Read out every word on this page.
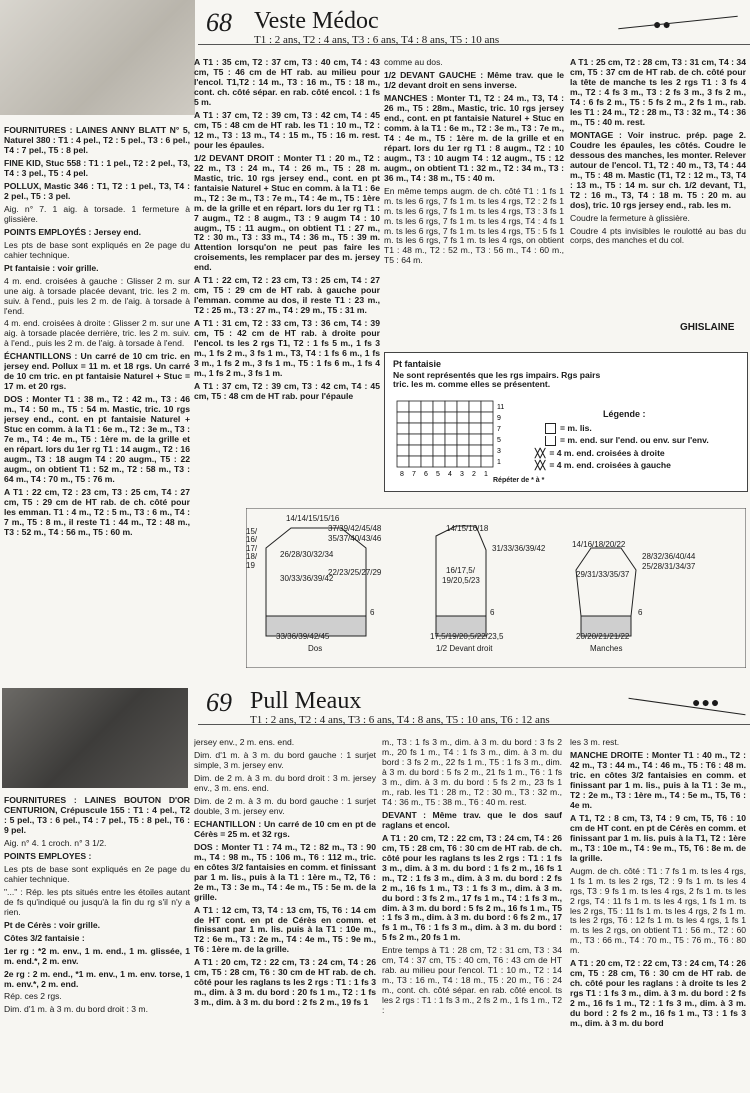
68 Veste Médoc
T1 : 2 ans, T2 : 4 ans, T3 : 6 ans, T4 : 8 ans, T5 : 10 ans
●●

FOURNITURES : LAINES ANNY BLATT N° 5, Naturel 380 : T1 : 4 pel., T2 : 5 pel., T3 : 6 pel., T4 : 7 pel., T5 : 8 pel.

FINE KID, Stuc 558 : T1 : 1 pel., T2 : 2 pel., T3, T4 : 3 pel., T5 : 4 pel.

POLLUX, Mastic 346 : T1, T2 : 1 pel., T3, T4 : 2 pel., T5 : 3 pel.

Aig. n° 7. 1 aig. à torsade. 1 fermeture à glissière.

POINTS EMPLOYÉS : Jersey end.

Les pts de base sont expliqués en 2e page du cahier technique.

Pt fantaisie : voir grille.

4 m. end. croisées à gauche : Glisser 2 m. sur une aig. à torsade placée devant, tric. les 2 m. suiv. à l'end., puis les 2 m. de l'aig. à torsade à l'end.

4 m. end. croisées à droite : Glisser 2 m. sur une aig. à torsade placée derrière, tric. les 2 m. suiv. à l'end., puis les 2 m. de l'aig. à torsade à l'end.

ÉCHANTILLONS : Un carré de 10 cm tric. en jersey end. Pollux = 11 m. et 18 rgs. Un carré de 10 cm tric. en pt fantaisie Naturel + Stuc = 17 m. et 20 rgs.

DOS : Monter T1 : 38 m., T2 : 42 m., T3 : 46 m., T4 : 50 m., T5 : 54 m. Mastic, tric. 10 rgs jersey end., cont. en pt fantaisie Naturel + Stuc en comm. à la T1 : 6e m., T2 : 3e m., T3 : 7e m., T4 : 4e m., T5 : 1ère m. de la grille et en répart. lors du 1er rg T1 : 14 augm., T2 : 16 augm., T3 : 18 augm T4 : 20 augm., T5 : 22 augm., on obtient T1 : 52 m., T2 : 58 m., T3 : 64 m., T4 : 70 m., T5 : 76 m.

A T1 : 22 cm, T2 : 23 cm, T3 : 25 cm, T4 : 27 cm, T5 : 29 cm de HT rab. de ch. côté pour les emman. T1 : 4 m., T2 : 5 m., T3 : 6 m., T4 : 7 m., T5 : 8 m., il reste T1 : 44 m., T2 : 48 m., T3 : 52 m., T4 : 56 m., T5 : 60 m.

A T1 : 35 cm, T2 : 37 cm, T3 : 40 cm, T4 : 43 cm, T5 : 46 cm de HT rab. au milieu pour l'encol. T1,T2 : 14 m., T3 : 16 m., T5 : 18 m., cont. ch. côté sépar. en rab. côté encol. : 1 fs 5 m.

A T1 : 37 cm, T2 : 39 cm, T3 : 42 cm, T4 : 45 cm, T5 : 48 cm de HT rab. les T1 : 10 m., T2 : 12 m., T3 : 13 m., T4 : 15 m., T5 : 16 m. rest. pour les épaules.

1/2 DEVANT DROIT : Monter T1 : 20 m., T2 : 22 m., T3 : 24 m., T4 : 26 m., T5 : 28 m. Mastic, tric. 10 rgs jersey end., cont. en pt fantaisie Naturel + Stuc en comm. à la T1 : 6e m., T2 : 3e m., T3 : 7e m., T4 : 4e m., T5 : 1ère m. de la grille et en répart. lors du 1er rg T1 : 7 augm., T2 : 8 augm., T3 : 9 augm T4 : 10 augm., T5 : 11 augm., on obtient T1 : 27 m., T2 : 30 m., T3 : 33 m., T4 : 36 m., T5 : 39 m. Attention lorsqu'on ne peut pas faire les croisements, les remplacer par des m. jersey end.

A T1 : 22 cm, T2 : 23 cm, T3 : 25 cm, T4 : 27 cm, T5 : 29 cm de HT rab. à gauche pour l'emman. comme au dos, il reste T1 : 23 m., T2 : 25 m., T3 : 27 m., T4 : 29 m., T5 : 31 m.

A T1 : 31 cm, T2 : 33 cm, T3 : 36 cm, T4 : 39 cm, T5 : 42 cm de HT rab. à droite pour l'encol. ts les 2 rgs T1, T2 : 1 fs 5 m., 1 fs 3 m., 1 fs 2 m., 3 fs 1 m., T3, T4 : 1 fs 6 m., 1 fs 3 m., 1 fs 2 m., 3 fs 1 m., T5 : 1 fs 6 m., 1 fs 4 m., 1 fs 2 m., 3 fs 1 m.

A T1 : 37 cm, T2 : 39 cm, T3 : 42 cm, T4 : 45 cm, T5 : 48 cm de HT rab. pour l'épaule

comme au dos.

1/2 DEVANT GAUCHE : Même trav. que le 1/2 devant droit en sens inverse.

MANCHES : Monter T1, T2 : 24 m., T3, T4 : 26 m., T5 : 28m., Mastic, tric. 10 rgs jersey end., cont. en pt fantaisie Naturel + Stuc en comm. à la T1 : 6e m., T2 : 3e m., T3 : 7e m., T4 : 4e m., T5 : 1ère m. de la grille et en répart. lors du 1er rg T1 : 8 augm., T2 : 10 augm., T3 : 10 augm T4 : 12 augm., T5 : 12 augm., on obtient T1 : 32 m., T2 : 34 m., T3 : 36 m., T4 : 38 m., T5 : 40 m.

En même temps augm. de ch. côté T1 : 1 fs 1 m. ts les 6 rgs, 7 fs 1 m. ts les 4 rgs, T2 : 2 fs 1 m. ts les 6 rgs, 7 fs 1 m. ts les 4 rgs, T3 : 3 fs 1 m. ts les 6 rgs, 7 fs 1 m. ts les 4 rgs, T4 : 4 fs 1 m. ts les 6 rgs, 7 fs 1 m. ts les 4 rgs, T5 : 5 fs 1 m. ts les 6 rgs, 7 fs 1 m. ts les 4 rgs, on obtient T1 : 48 m., T2 : 52 m., T3 : 56 m., T4 : 60 m., T5 : 64 m.

A T1 : 25 cm, T2 : 28 cm, T3 : 31 cm, T4 : 34 cm, T5 : 37 cm de HT rab. de ch. côté pour la tête de manche ts les 2 rgs T1 : 3 fs 4 m., T2 : 4 fs 3 m., T3 : 2 fs 3 m., 3 fs 2 m., T4 : 6 fs 2 m., T5 : 5 fs 2 m., 2 fs 1 m., rab. les T1 : 24 m., T2 : 28 m., T3 : 32 m., T4 : 36 m., T5 : 40 m. rest.

MONTAGE : Voir instruc. prép. page 2. Coudre les épaules, les côtés. Coudre le dessous des manches, les monter. Relever autour de l'encol. T1, T2 : 40 m., T3, T4 : 44 m., T5 : 48 m. Mastic (T1, T2 : 12 m., T3, T4 : 13 m., T5 : 14 m. sur ch. 1/2 devant, T1, T2 : 16 m., T3, T4 : 18 m. T5 : 20 m. au dos), tric. 10 rgs jersey end., rab. les m.

Coudre la fermeture à glissière.

Coudre 4 pts invisibles le roulotté au bas du corps, des manches et du col.

GHISLAINE
Pt fantaisie
Ne sont représentés que les rgs impairs. Rgs pairs tric. les m. comme elles se présentent.
11
9
7
5
3
1
8 7 6 5 4 3 2 1
Légende :
= m. lis.
= m. end. sur l'end. ou env. sur l'env.
╳╳ = 4 m. end. croisées à droite
╳╳ = 4 m. end. croisées à gauche
Répéter de * à *
14/14/15/15/16
15/
16/
17/
18/
19
37/39/42/45/48
35/37/40/43/46
26/28/30/32/34
22/23/25/27/29
30/33/36/39/42
6
33/36/39/42/45
Dos
14/15/16/18
31/33/36/39/42
16/17,5/
19/20,5/23
6
17,5/19/20,5/22/23,5
1/2 Devant droit
14/16/18/20/22
28/32/36/40/44
25/28/31/34/37
29/31/33/35/37
6
20/20/21/21/22
Manches
69 Pull Meaux
T1 : 2 ans, T2 : 4 ans, T3 : 6 ans, T4 : 8 ans, T5 : 10 ans, T6 : 12 ans
●●●

FOURNITURES : LAINES BOUTON D'OR CENTURION, Crépuscule 155 : T1 : 4 pel., T2 : 5 pel., T3 : 6 pel., T4 : 7 pel., T5 : 8 pel., T6 : 9 pel.

Aig. n° 4. 1 croch. n° 3 1/2.

POINTS EMPLOYES :

Les pts de base sont expliqués en 2e page du cahier technique.

"..." : Rép. les pts situés entre les étoiles autant de fs qu'indiqué ou jusqu'à la fin du rg s'il n'y a rien.

Pt de Cérès : voir grille.

Côtes 3/2 fantaisie :

1er rg : *2 m. env., 1 m. end., 1 m. glissée, 1 m. end.*, 2 m. env.

2e rg : 2 m. end., *1 m. env., 1 m. env. torse, 1 m. env.*, 2 m. end.

Rép. ces 2 rgs.

Dim. d'1 m. à 3 m. du bord droit : 3 m.

jersey env., 2 m. ens. end.

Dim. d'1 m. à 3 m. du bord gauche : 1 surjet simple, 3 m. jersey env.

Dim. de 2 m. à 3 m. du bord droit : 3 m. jersey env., 3 m. ens. end.

Dim. de 2 m. à 3 m. du bord gauche : 1 surjet double, 3 m. jersey env.

ECHANTILLON : Un carré de 10 cm en pt de Cérès = 25 m. et 32 rgs.

DOS : Monter T1 : 74 m., T2 : 82 m., T3 : 90 m., T4 : 98 m., T5 : 106 m., T6 : 112 m., tric. en côtes 3/2 fantaisies en comm. et finissant par 1 m. lis., puis à la T1 : 1ère m., T2, T6 : 2e m., T3 : 3e m., T4 : 4e m., T5 : 5e m. de la grille.

A T1 : 12 cm, T3, T4 : 13 cm, T5, T6 : 14 cm de HT cont. en pt de Cérès en comm. et finissant par 1 m. lis. puis à la T1 : 10e m., T2 : 6e m., T3 : 2e m., T4 : 4e m., T5 : 9e m., T6 : 1ère m. de la grille.

A T1 : 20 cm, T2 : 22 cm, T3 : 24 cm, T4 : 26 cm, T5 : 28 cm, T6 : 30 cm de HT rab. de ch. côté pour les raglans ts les 2 rgs : T1 : 1 fs 3 m., dim. à 3 m. du bord : 20 fs 1 m., T2 : 1 fs 3 m., dim. à 3 m. du bord : 2 fs 2 m., 19 fs 1

m., T3 : 1 fs 3 m., dim. à 3 m. du bord : 3 fs 2 m., 20 fs 1 m., T4 : 1 fs 3 m., dim. à 3 m. du bord : 3 fs 2 m., 22 fs 1 m., T5 : 1 fs 3 m., dim. à 3 m. du bord : 5 fs 2 m., 21 fs 1 m., T6 : 1 fs 3 m., dim. à 3 m. du bord : 5 fs 2 m., 23 fs 1 m., rab. les T1 : 28 m., T2 : 30 m., T3 : 32 m., T4 : 36 m., T5 : 38 m., T6 : 40 m. rest.

DEVANT : Même trav. que le dos sauf raglans et encol.

A T1 : 20 cm, T2 : 22 cm, T3 : 24 cm, T4 : 26 cm, T5 : 28 cm, T6 : 30 cm de HT rab. de ch. côté pour les raglans ts les 2 rgs : T1 : 1 fs 3 m., dim. à 3 m. du bord : 1 fs 2 m., 16 fs 1 m., T2 : 1 fs 3 m., dim. à 3 m. du bord : 2 fs 2 m., 16 fs 1 m., T3 : 1 fs 3 m., dim. à 3 m. du bord : 3 fs 2 m., 17 fs 1 m., T4 : 1 fs 3 m., dim. à 3 m. du bord : 5 fs 2 m., 16 fs 1 m., T5 : 1 fs 3 m., dim. à 3 m. du bord : 6 fs 2 m., 17 fs 1 m., T6 : 1 fs 3 m., dim. à 3 m. du bord : 5 fs 2 m., 20 fs 1 m.

Entre temps à T1 : 28 cm, T2 : 31 cm, T3 : 34 cm, T4 : 37 cm, T5 : 40 cm, T6 : 43 cm de HT rab. au milieu pour l'encol. T1 : 10 m., T2 : 14 m., T3 : 16 m., T4 : 18 m., T5 : 20 m., T6 : 24 m., cont. ch. côté sépar. en rab. côté encol. ts les 2 rgs : T1 : 1 fs 3 m., 2 fs 2 m., 1 fs 1 m., T2 :

les 3 m. rest.

MANCHE DROITE : Monter T1 : 40 m., T2 : 42 m., T3 : 44 m., T4 : 46 m., T5 : T6 : 48 m. tric. en côtes 3/2 fantaisies en comm. et finissant par 1 m. lis., puis à la T1 : 3e m., T2 : 2e m., T3 : 1ère m., T4 : 5e m., T5, T6 : 4e m.

A T1, T2 : 8 cm, T3, T4 : 9 cm, T5, T6 : 10 cm de HT cont. en pt de Cérès en comm. et finissant par 1 m. lis. puis à la T1, T2 : 1ère m., T3 : 10e m., T4 : 9e m., T5, T6 : 8e m. de la grille.

Augm. de ch. côté : T1 : 7 fs 1 m. ts les 4 rgs, 1 fs 1 m. ts les 2 rgs, T2 : 9 fs 1 m. ts les 4 rgs, T3 : 9 fs 1 m. ts les 4 rgs, 2 fs 1 m. ts les 2 rgs, T4 : 11 fs 1 m. ts les 4 rgs, 1 fs 1 m. ts les 2 rgs, T5 : 11 fs 1 m. ts les 4 rgs, 2 fs 1 m. ts les 2 rgs, T6 : 12 fs 1 m. ts les 4 rgs, 1 fs 1 m. ts les 2 rgs, on obtient T1 : 56 m., T2 : 60 m., T3 : 66 m., T4 : 70 m., T5 : 76 m., T6 : 80 m.

A T1 : 20 cm, T2 : 22 cm, T3 : 24 cm, T4 : 26 cm, T5 : 28 cm, T6 : 30 cm de HT rab. de ch. côté pour les raglans : à droite ts les 2 rgs T1 : 1 fs 3 m., dim. à 3 m. du bord : 2 fs 2 m., 16 fs 1 m., T2 : 1 fs 3 m., dim. à 3 m. du bord : 2 fs 2 m., 16 fs 1 m., T3 : 1 fs 3 m., dim. à 3 m. du bord
